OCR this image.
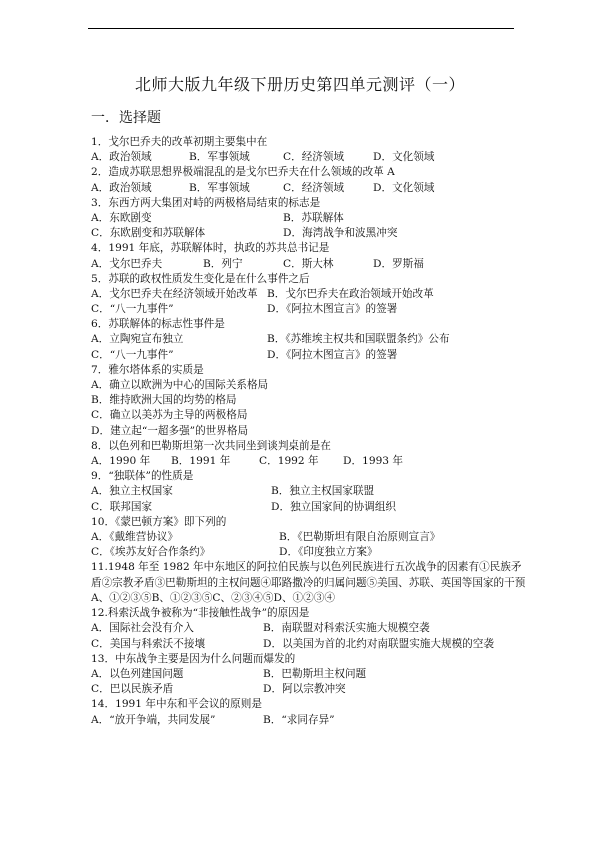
北师大版九年级下册历史第四单元测评（一）
一．选择题
1．戈尔巴乔夫的改革初期主要集中在
A．政治领域	B．军事领域	C．经济领域	D．文化领域
2．造成苏联思想界极端混乱的是戈尔巴乔夫在什么领域的改革 A
A．政治领域	B．军事领域	C．经济领域	D．文化领域
3．东西方两大集团对峙的两极格局结束的标志是
A．东欧剧变	B．苏联解体
C．东欧剧变和苏联解体	D．海湾战争和波黑冲突
4．1991 年底，苏联解体时，执政的苏共总书记是
A．戈尔巴乔夫	B．列宁	C．斯大林	D．罗斯福
5．苏联的政权性质发生变化是在什么事件之后
A．戈尔巴乔夫在经济领域开始改革 B．戈尔巴乔夫在政治领域开始改革
C．“八一九事件”	D．《阿拉木图宣言》的签署
6．苏联解体的标志性事件是
A．立陶宛宣布独立	B．《苏维埃主权共和国联盟条约》公布
C．“八一九事件”	D．《阿拉木图宣言》的签署
7．雅尔塔体系的实质是
A．确立以欧洲为中心的国际关系格局
B．维持欧洲大国的均势的格局
C．确立以美苏为主导的两极格局
D．建立起“一超多强”的世界格局
8．以色列和巴勒斯坦第一次共同坐到谈判桌前是在
A．1990 年 B．1991 年	C．1992 年 D．1993 年
9．“独联体”的性质是
A．独立主权国家	B．独立主权国家联盟
C．联邦国家	D．独立国家间的协调组织
10．《蒙巴顿方案》即下列的
A．《戴维营协议》	B．《巴勒斯坦有限自治原则宣言》
C．《埃苏友好合作条约》	D．《印度独立方案》
11.1948 年至 1982 年中东地区的阿拉伯民族与以色列民族进行五次战争的因素有①民族矛盾②宗教矛盾③巴勒斯坦的主权问题④耶路撒冷的归属问题⑤美国、苏联、英国等国家的干预
A、①②③⑤B、①②③⑤C、②③④⑤D、①②③④
12.科索沃战争被称为“非接触性战争”的原因是
A．国际社会没有介入	B．南联盟对科索沃实施大规模空袭
C．美国与科索沃不接壤	D．以美国为首的北约对南联盟实施大规模的空袭
13．中东战争主要是因为什么问题而爆发的
A．以色列建国问题	B．巴勒斯坦主权问题
C．巴以民族矛盾	D．阿以宗教冲突
14．1991 年中东和平会议的原则是
A．“放开争端，共同发展”	B．“求同存异”
